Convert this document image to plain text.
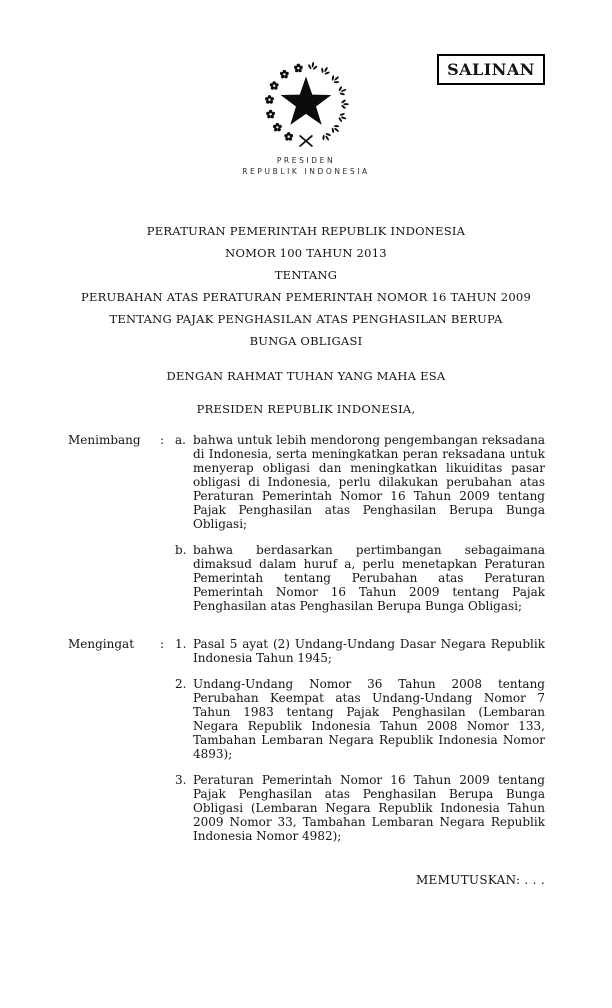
SALINAN
PRESIDEN
REPUBLIK INDONESIA
PERATURAN PEMERINTAH REPUBLIK INDONESIA
NOMOR 100 TAHUN 2013
TENTANG
PERUBAHAN ATAS PERATURAN PEMERINTAH NOMOR 16 TAHUN 2009
TENTANG PAJAK PENGHASILAN ATAS PENGHASILAN BERUPA
BUNGA OBLIGASI
DENGAN RAHMAT TUHAN YANG MAHA ESA
PRESIDEN REPUBLIK INDONESIA,
Menimbang	: a. bahwa untuk lebih mendorong pengembangan reksadana di Indonesia, serta meningkatkan peran reksadana untuk menyerap obligasi dan meningkatkan likuiditas pasar obligasi di Indonesia, perlu dilakukan perubahan atas Peraturan Pemerintah Nomor 16 Tahun 2009 tentang Pajak Penghasilan atas Penghasilan Berupa Bunga Obligasi;
b. bahwa berdasarkan pertimbangan sebagaimana dimaksud dalam huruf a, perlu menetapkan Peraturan Pemerintah tentang Perubahan atas Peraturan Pemerintah Nomor 16 Tahun 2009 tentang Pajak Penghasilan atas Penghasilan Berupa Bunga Obligasi;
Mengingat	: 1. Pasal 5 ayat (2) Undang-Undang Dasar Negara Republik Indonesia Tahun 1945;
2. Undang-Undang Nomor 36 Tahun 2008 tentang Perubahan Keempat atas Undang-Undang Nomor 7 Tahun 1983 tentang Pajak Penghasilan (Lembaran Negara Republik Indonesia Tahun 2008 Nomor 133, Tambahan Lembaran Negara Republik Indonesia Nomor 4893);
3. Peraturan Pemerintah Nomor 16 Tahun 2009 tentang Pajak Penghasilan atas Penghasilan Berupa Bunga Obligasi (Lembaran Negara Republik Indonesia Tahun 2009 Nomor 33, Tambahan Lembaran Negara Republik Indonesia Nomor 4982);
MEMUTUSKAN: . . .
